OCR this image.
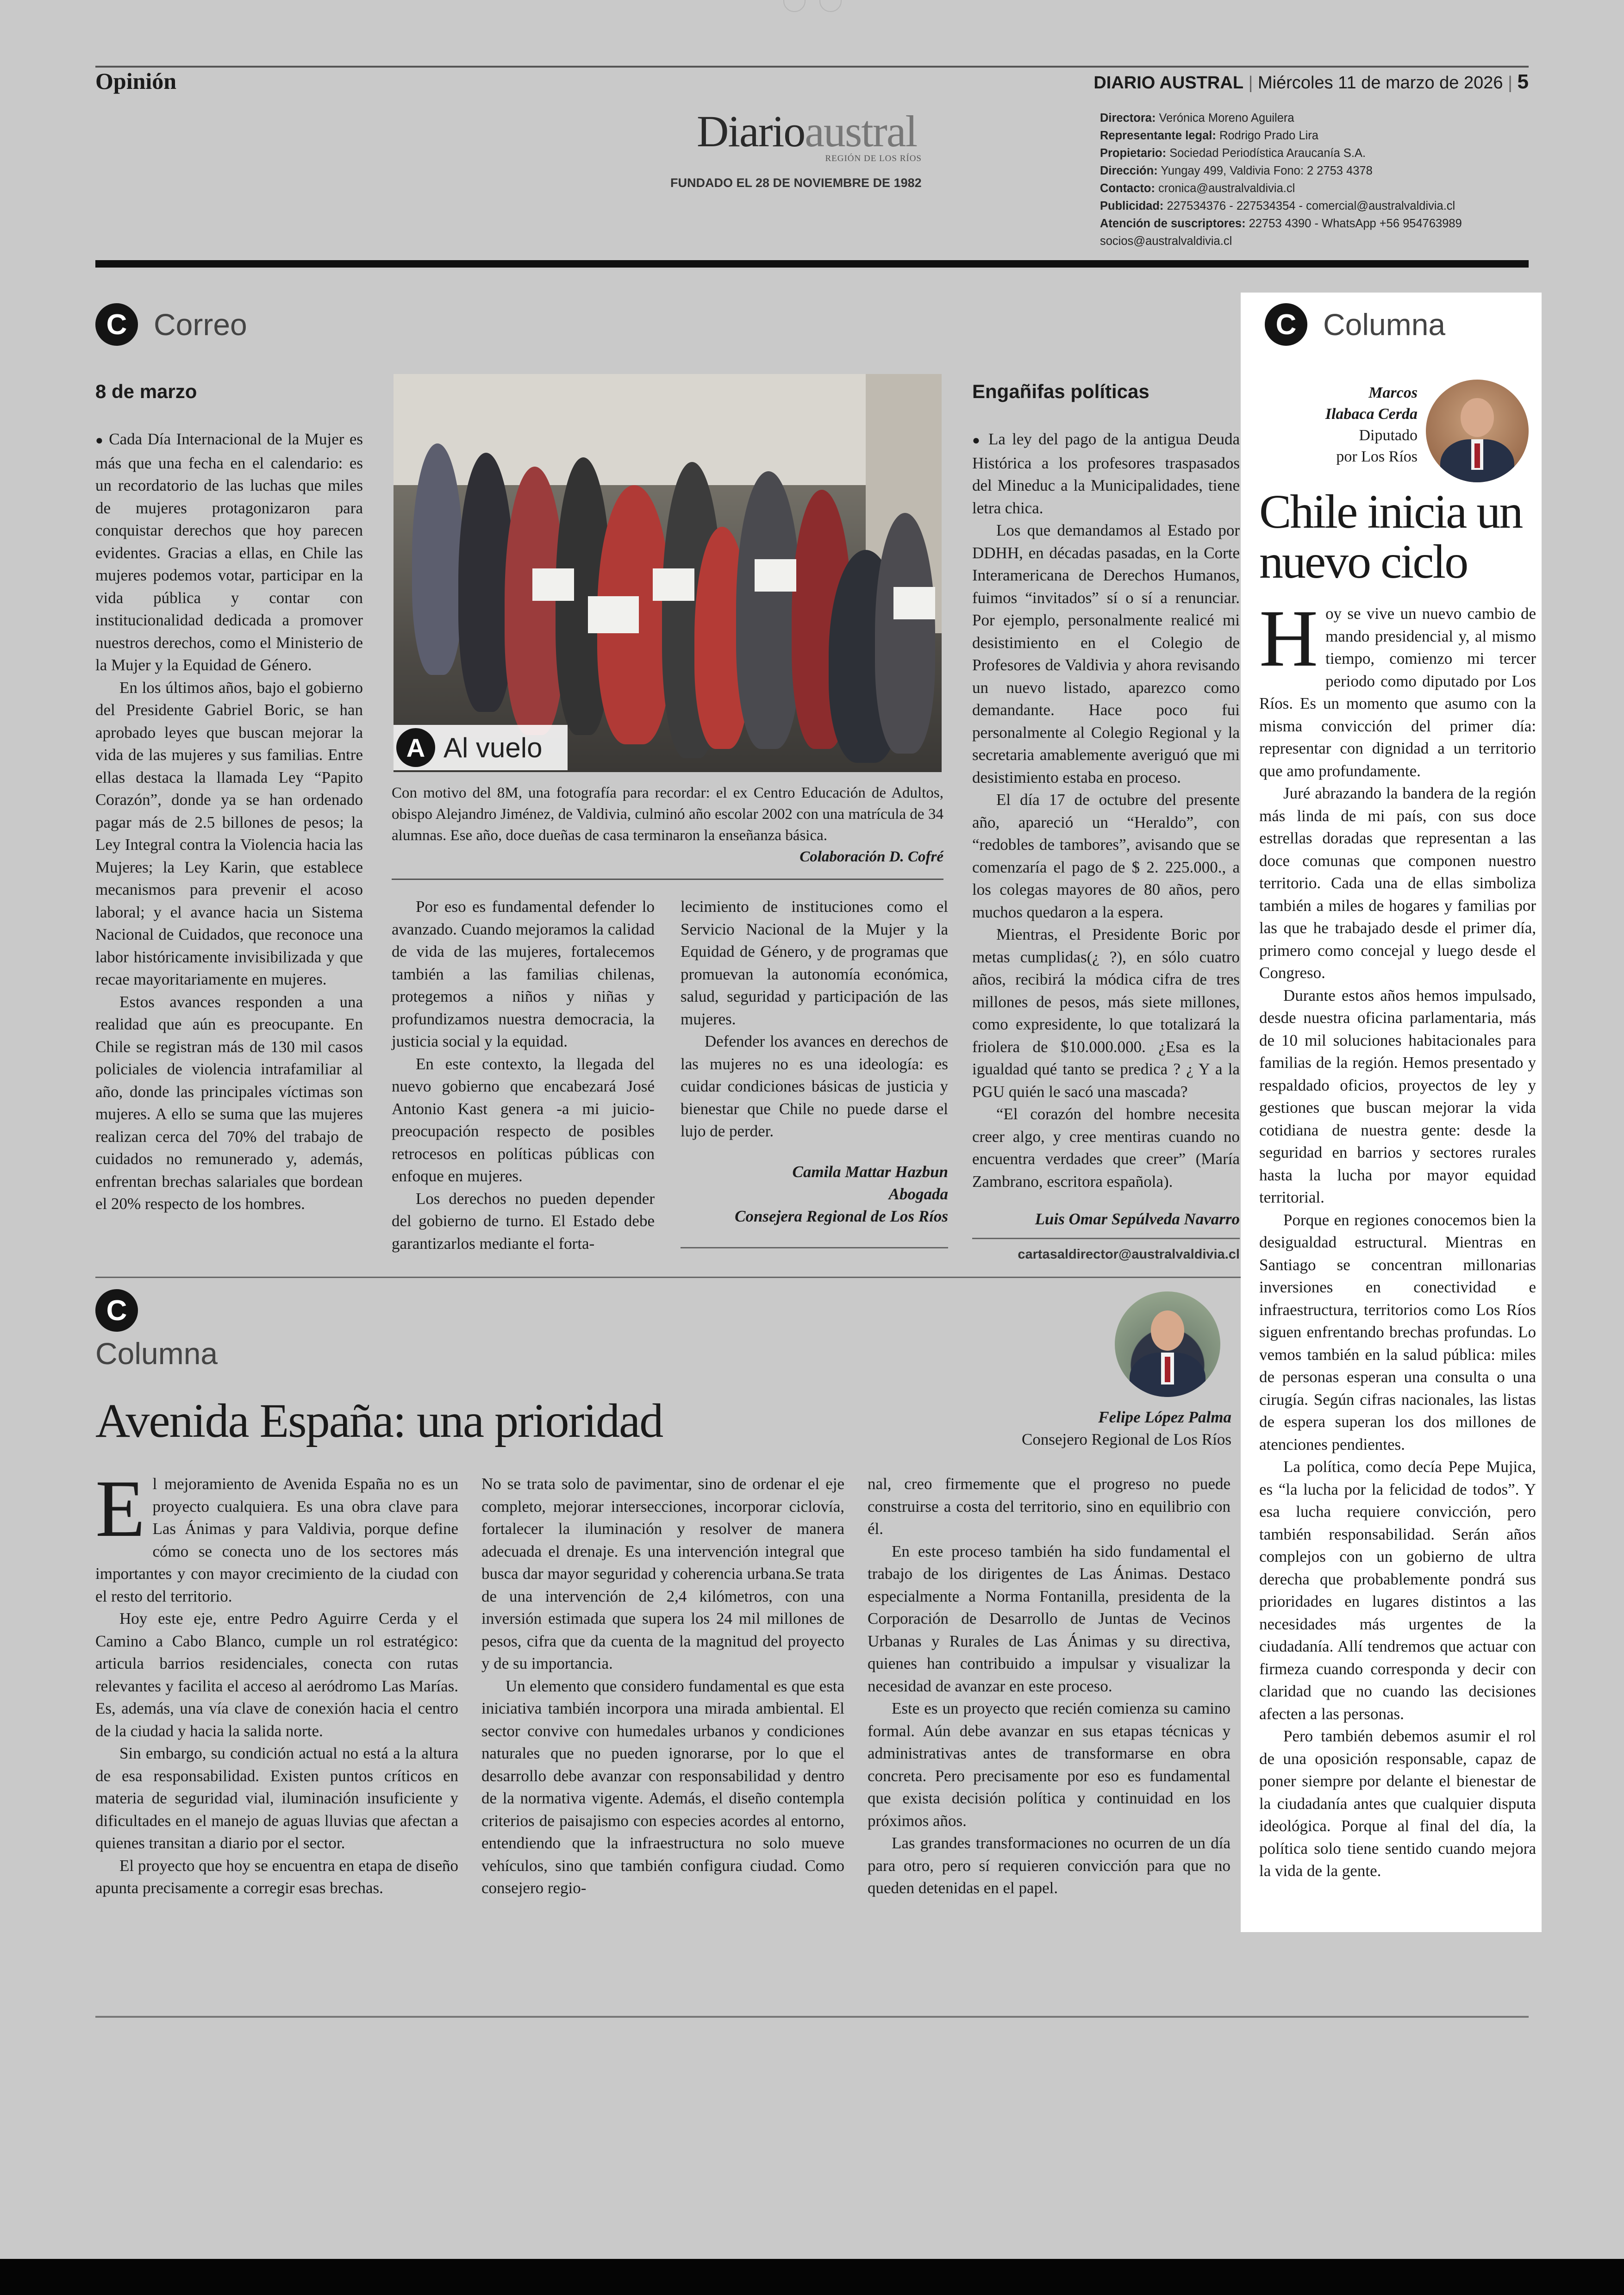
Opinión	DIARIO AUSTRAL | Miércoles 11 de marzo de 2026 | 5
Diarioaustral
REGIÓN DE LOS RÍOS
FUNDADO EL 28 DE NOVIEMBRE DE 1982
Directora: Verónica Moreno Aguilera
Representante legal: Rodrigo Prado Lira
Propietario: Sociedad Periodística Araucanía S.A.
Dirección: Yungay 499, Valdivia Fono: 2 2753 4378
Contacto: cronica@australvaldivia.cl
Publicidad: 227534376 - 227534354 - comercial@australvaldivia.cl
Atención de suscriptores: 22753 4390 - WhatsApp +56 954763989
socios@australvaldivia.cl
C Correo
8 de marzo

● Cada Día Internacional de la Mujer es más que una fecha en el calendario: es un recordatorio de las luchas que miles de mujeres protagonizaron para conquistar derechos que hoy parecen evidentes. Gracias a ellas, en Chile las mujeres podemos votar, participar en la vida pública y contar con institucionalidad dedicada a promover nuestros derechos, como el Ministerio de la Mujer y la Equidad de Género.

En los últimos años, bajo el gobierno del Presidente Gabriel Boric, se han aprobado leyes que buscan mejorar la vida de las mujeres y sus familias. Entre ellas destaca la llamada Ley “Papito Corazón”, donde ya se han ordenado pagar más de 2.5 billones de pesos; la Ley Integral contra la Violencia hacia las Mujeres; la Ley Karin, que establece mecanismos para prevenir el acoso laboral; y el avance hacia un Sistema Nacional de Cuidados, que reconoce una labor históricamente invisibilizada y que recae mayoritariamente en mujeres.

Estos avances responden a una realidad que aún es preocupante. En Chile se registran más de 130 mil casos policiales de violencia intrafamiliar al año, donde las principales víctimas son mujeres. A ello se suma que las mujeres realizan cerca del 70% del trabajo de cuidados no remunerado y, además, enfrentan brechas salariales que bordean el 20% respecto de los hombres.

A Al vuelo
Con motivo del 8M, una fotografía para recordar: el ex Centro Educación de Adultos, obispo Alejandro Jiménez, de Valdivia, culminó año escolar 2002 con una matrícula de 34 alumnas. Ese año, doce dueñas de casa terminaron la enseñanza básica.
Colaboración D. Cofré

Por eso es fundamental defender lo avanzado. Cuando mejoramos la calidad de vida de las mujeres, fortalecemos también a las familias chilenas, protegemos a niños y niñas y profundizamos nuestra democracia, la justicia social y la equidad.

En este contexto, la llegada del nuevo gobierno que encabezará José Antonio Kast genera -a mi juicio- preocupación respecto de posibles retrocesos en políticas públicas con enfoque en mujeres.

Los derechos no pueden depender del gobierno de turno. El Estado debe garantizarlos mediante el forta-

lecimiento de instituciones como el Servicio Nacional de la Mujer y la Equidad de Género, y de programas que promuevan la autonomía económica, salud, seguridad y participación de las mujeres.

Defender los avances en derechos de las mujeres no es una ideología: es cuidar condiciones básicas de justicia y bienestar que Chile no puede darse el lujo de perder.

Camila Mattar Hazbun
Abogada
Consejera Regional de Los Ríos
Engañifas políticas

● La ley del pago de la antigua Deuda Histórica a los profesores traspasados del Mineduc a la Municipalidades, tiene letra chica.

Los que demandamos al Estado por DDHH, en décadas pasadas, en la Corte Interamericana de Derechos Humanos, fuimos “invitados” sí o sí a renunciar. Por ejemplo, personalmente realicé mi desistimiento en el Colegio de Profesores de Valdivia y ahora revisando un nuevo listado, aparezco como demandante. Hace poco fui personalmente al Colegio Regional y la secretaria amablemente averiguó que mi desistimiento estaba en proceso.

El día 17 de octubre del presente año, apareció un “Heraldo”, con “redobles de tambores”, avisando que se comenzaría el pago de $ 2. 225.000., a los colegas mayores de 80 años, pero muchos quedaron a la espera.

Mientras, el Presidente Boric por metas cumplidas(¿ ?), en sólo cuatro años, recibirá la módica cifra de tres millones de pesos, más siete millones, como expresidente, lo que totalizará la friolera de $10.000.000. ¿Esa es la igualdad qué tanto se predica ? ¿ Y a la PGU quién le sacó una mascada?

“El corazón del hombre necesita creer algo, y cree mentiras cuando no encuentra verdades que creer” (María Zambrano, escritora española).

Luis Omar Sepúlveda Navarro
cartasaldirector@australvaldivia.cl
C Columna
Marcos
Ilabaca Cerda
Diputado
por Los Ríos
Chile inicia un nuevo ciclo

Hoy se vive un nuevo cambio de mando presidencial y, al mismo tiempo, comienzo mi tercer periodo como diputado por Los Ríos. Es un momento que asumo con la misma convicción del primer día: representar con dignidad a un territorio que amo profundamente.

Juré abrazando la bandera de la región más linda de mi país, con sus doce estrellas doradas que representan a las doce comunas que componen nuestro territorio. Cada una de ellas simboliza también a miles de hogares y familias por las que he trabajado desde el primer día, primero como concejal y luego desde el Congreso.

Durante estos años hemos impulsado, desde nuestra oficina parlamentaria, más de 10 mil soluciones habitacionales para familias de la región. Hemos presentado y respaldado oficios, proyectos de ley y gestiones que buscan mejorar la vida cotidiana de nuestra gente: desde la seguridad en barrios y sectores rurales hasta la lucha por mayor equidad territorial.

Porque en regiones conocemos bien la desigualdad estructural. Mientras en Santiago se concentran millonarias inversiones en conectividad e infraestructura, territorios como Los Ríos siguen enfrentando brechas profundas. Lo vemos también en la salud pública: miles de personas esperan una consulta o una cirugía. Según cifras nacionales, las listas de espera superan los dos millones de atenciones pendientes.

La política, como decía Pepe Mujica, es “la lucha por la felicidad de todos”. Y esa lucha requiere convicción, pero también responsabilidad. Serán años complejos con un gobierno de ultra derecha que probablemente pondrá sus prioridades en lugares distintos a las necesidades más urgentes de la ciudadanía. Allí tendremos que actuar con firmeza cuando corresponda y decir con claridad que no cuando las decisiones afecten a las personas.

Pero también debemos asumir el rol de una oposición responsable, capaz de poner siempre por delante el bienestar de la ciudadanía antes que cualquier disputa ideológica. Porque al final del día, la política solo tiene sentido cuando mejora la vida de la gente.

C
Columna
Avenida España: una prioridad	Felipe López Palma
Consejero Regional de Los Ríos

El mejoramiento de Avenida España no es un proyecto cualquiera. Es una obra clave para Las Ánimas y para Valdivia, porque define cómo se conecta uno de los sectores más importantes y con mayor crecimiento de la ciudad con el resto del territorio.

Hoy este eje, entre Pedro Aguirre Cerda y el Camino a Cabo Blanco, cumple un rol estratégico: articula barrios residenciales, conecta con rutas relevantes y facilita el acceso al aeródromo Las Marías. Es, además, una vía clave de conexión hacia el centro de la ciudad y hacia la salida norte.

Sin embargo, su condición actual no está a la altura de esa responsabilidad. Existen puntos críticos en materia de seguridad vial, iluminación insuficiente y dificultades en el manejo de aguas lluvias que afectan a quienes transitan a diario por el sector.

El proyecto que hoy se encuentra en etapa de diseño apunta precisamente a corregir esas brechas.

No se trata solo de pavimentar, sino de ordenar el eje completo, mejorar intersecciones, incorporar ciclovía, fortalecer la iluminación y resolver de manera adecuada el drenaje. Es una intervención integral que busca dar mayor seguridad y coherencia urbana.Se trata de una intervención de 2,4 kilómetros, con una inversión estimada que supera los 24 mil millones de pesos, cifra que da cuenta de la magnitud del proyecto y de su importancia.

Un elemento que considero fundamental es que esta iniciativa también incorpora una mirada ambiental. El sector convive con humedales urbanos y condiciones naturales que no pueden ignorarse, por lo que el desarrollo debe avanzar con responsabilidad y dentro de la normativa vigente. Además, el diseño contempla criterios de paisajismo con especies acordes al entorno, entendiendo que la infraestructura no solo mueve vehículos, sino que también configura ciudad. Como consejero regio-

nal, creo firmemente que el progreso no puede construirse a costa del territorio, sino en equilibrio con él.

En este proceso también ha sido fundamental el trabajo de los dirigentes de Las Ánimas. Destaco especialmente a Norma Fontanilla, presidenta de la Corporación de Desarrollo de Juntas de Vecinos Urbanas y Rurales de Las Ánimas y su directiva, quienes han contribuido a impulsar y visualizar la necesidad de avanzar en este proceso.

Este es un proyecto que recién comienza su camino formal. Aún debe avanzar en sus etapas técnicas y administrativas antes de transformarse en obra concreta. Pero precisamente por eso es fundamental que exista decisión política y continuidad en los próximos años.

Las grandes transformaciones no ocurren de un día para otro, pero sí requieren convicción para que no queden detenidas en el papel.
